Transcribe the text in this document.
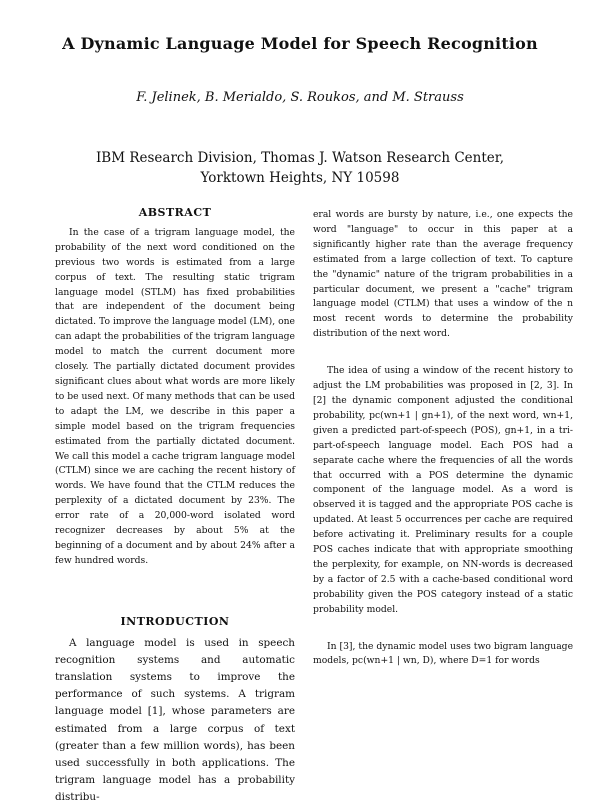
A Dynamic Language Model for Speech Recognition
F. Jelinek, B. Merialdo, S. Roukos, and M. Strauss
IBM Research Division, Thomas J. Watson Research Center,
Yorktown Heights, NY 10598
ABSTRACT

In the case of a trigram language model, the probability of the next word conditioned on the previous two words is estimated from a large corpus of text. The resulting static trigram language model (STLM) has fixed probabilities that are independent of the document being dictated. To improve the language model (LM), one can adapt the probabilities of the trigram language model to match the current document more closely. The partially dictated document provides significant clues about what words are more likely to be used next. Of many methods that can be used to adapt the LM, we describe in this paper a simple model based on the trigram frequencies estimated from the partially dictated document. We call this model a cache trigram language model (CTLM) since we are caching the recent history of words. We have found that the CTLM reduces the perplexity of a dictated document by 23%. The error rate of a 20,000-word isolated word recognizer decreases by about 5% at the beginning of a document and by about 24% after a few hundred words.

INTRODUCTION

A language model is used in speech recognition systems and automatic translation systems to improve the performance of such systems. A trigram language model [1], whose parameters are estimated from a large corpus of text (greater than a few million words), has been used successfully in both applications. The trigram language model has a probability distribu-

eral words are bursty by nature, i.e., one expects the word "language" to occur in this paper at a significantly higher rate than the average frequency estimated from a large collection of text. To capture the "dynamic" nature of the trigram probabilities in a particular document, we present a "cache" trigram language model (CTLM) that uses a window of the n most recent words to determine the probability distribution of the next word.

The idea of using a window of the recent history to adjust the LM probabilities was proposed in [2, 3]. In [2] the dynamic component adjusted the conditional probability, pc(wn+1 | gn+1), of the next word, wn+1, given a predicted part-of-speech (POS), gn+1, in a tri-part-of-speech language model. Each POS had a separate cache where the frequencies of all the words that occurred with a POS determine the dynamic component of the language model. As a word is observed it is tagged and the appropriate POS cache is updated. At least 5 occurrences per cache are required before activating it. Preliminary results for a couple POS caches indicate that with appropriate smoothing the perplexity, for example, on NN-words is decreased by a factor of 2.5 with a cache-based conditional word probability given the POS category instead of a static probability model.

In [3], the dynamic model uses two bigram language models, pc(wn+1 | wn, D), where D=1 for words
